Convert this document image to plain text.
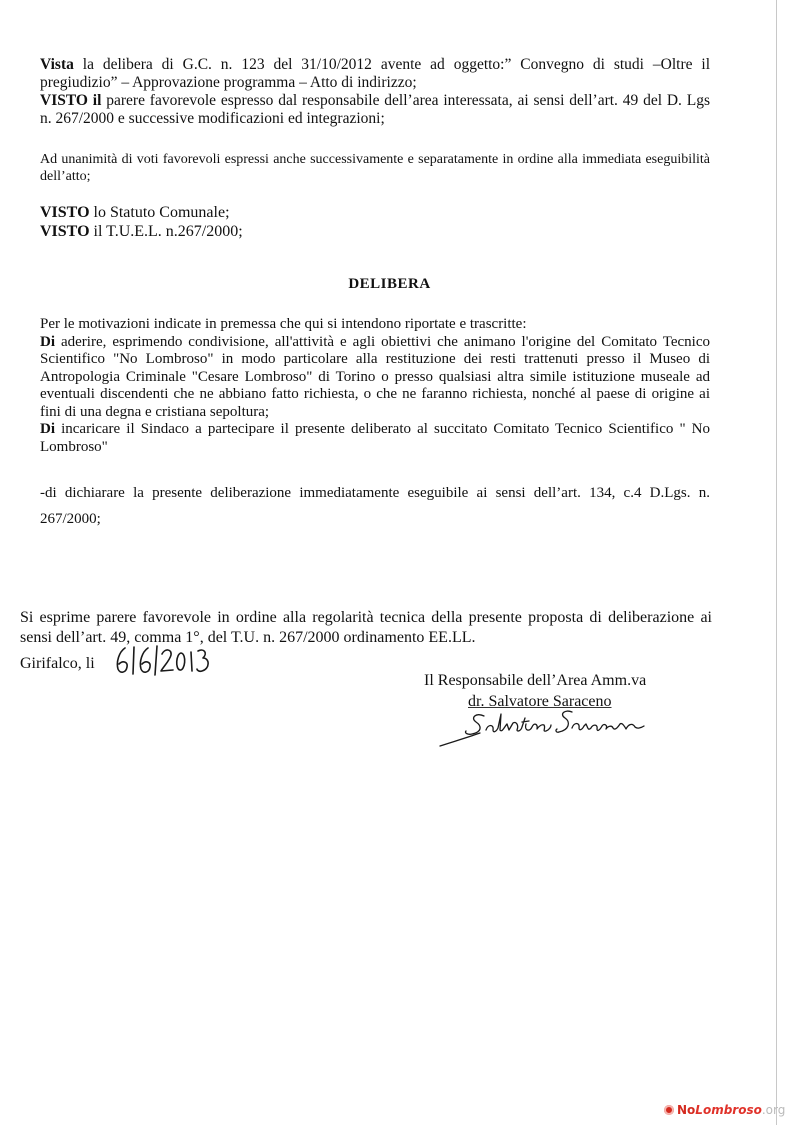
Vista la delibera di G.C. n. 123 del 31/10/2012 avente ad oggetto:” Convegno di studi –Oltre il pregiudizio” – Approvazione programma – Atto di indirizzo;

VISTO il parere favorevole espresso dal responsabile dell’area interessata, ai sensi dell’art. 49 del D. Lgs n. 267/2000 e successive modificazioni ed integrazioni;

Ad unanimità di voti favorevoli espressi anche successivamente e separatamente in ordine alla immediata eseguibilità dell’atto;

VISTO lo Statuto Comunale;

VISTO il T.U.E.L. n.267/2000;

DELIBERA

Per le motivazioni indicate in premessa che qui si intendono riportate e trascritte:

Di aderire, esprimendo condivisione, all'attività e agli obiettivi che animano l'origine del Comitato Tecnico Scientifico "No Lombroso" in modo particolare alla restituzione dei resti trattenuti presso il Museo di Antropologia Criminale "Cesare Lombroso" di Torino o presso qualsiasi altra simile istituzione museale ad eventuali discendenti che ne abbiano fatto richiesta, o che ne faranno richiesta, nonché al paese di origine ai fini di una degna e cristiana sepoltura;

Di incaricare il Sindaco a partecipare il presente deliberato al succitato Comitato Tecnico Scientifico " No Lombroso"

-di dichiarare la presente deliberazione immediatamente eseguibile ai sensi dell’art. 134, c.4 D.Lgs. n. 267/2000;

Si esprime parere favorevole in ordine alla regolarità tecnica della presente proposta di deliberazione ai sensi dell’art. 49, comma 1°, del T.U. n. 267/2000 ordinamento EE.LL.

Girifalco, li
Il Responsabile dell’Area Amm.va
dr. Salvatore Saraceno
No Lombroso .org
